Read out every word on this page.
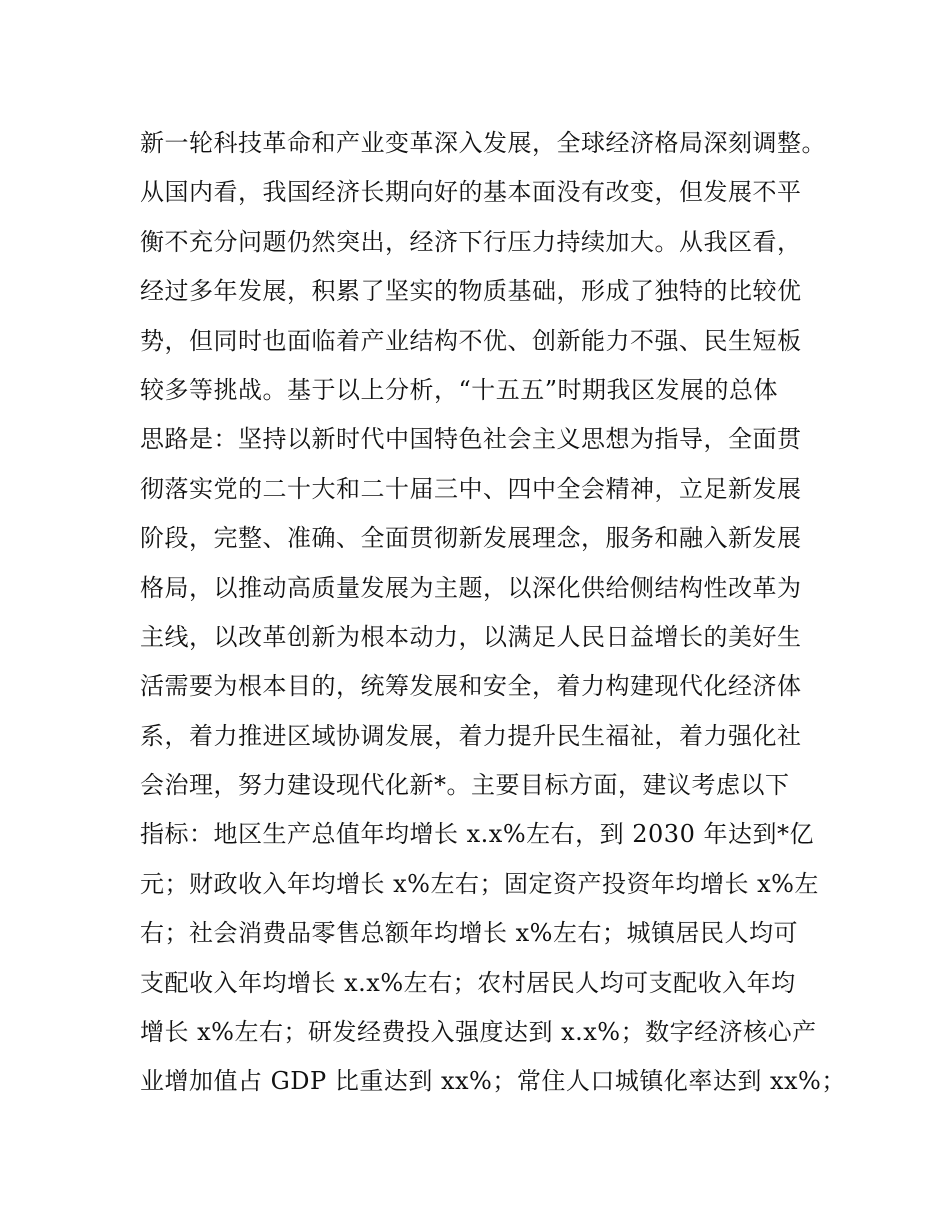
新一轮科技革命和产业变革深入发展，全球经济格局深刻调整。
从国内看，我国经济长期向好的基本面没有改变，但发展不平
衡不充分问题仍然突出，经济下行压力持续加大。从我区看，
经过多年发展，积累了坚实的物质基础，形成了独特的比较优
势，但同时也面临着产业结构不优、创新能力不强、民生短板
较多等挑战。基于以上分析，“十五五”时期我区发展的总体
思路是：坚持以新时代中国特色社会主义思想为指导，全面贯
彻落实党的二十大和二十届三中、四中全会精神，立足新发展
阶段，完整、准确、全面贯彻新发展理念，服务和融入新发展
格局，以推动高质量发展为主题，以深化供给侧结构性改革为
主线，以改革创新为根本动力，以满足人民日益增长的美好生
活需要为根本目的，统筹发展和安全，着力构建现代化经济体
系，着力推进区域协调发展，着力提升民生福祉，着力强化社
会治理，努力建设现代化新*。主要目标方面，建议考虑以下
指标：地区生产总值年均增长 x.x%左右，到 2030 年达到*亿
元；财政收入年均增长 x%左右；固定资产投资年均增长 x%左
右；社会消费品零售总额年均增长 x%左右；城镇居民人均可
支配收入年均增长 x.x%左右；农村居民人均可支配收入年均
增长 x%左右；研发经费投入强度达到 x.x%；数字经济核心产
业增加值占 GDP 比重达到 xx%；常住人口城镇化率达到 xx%；
